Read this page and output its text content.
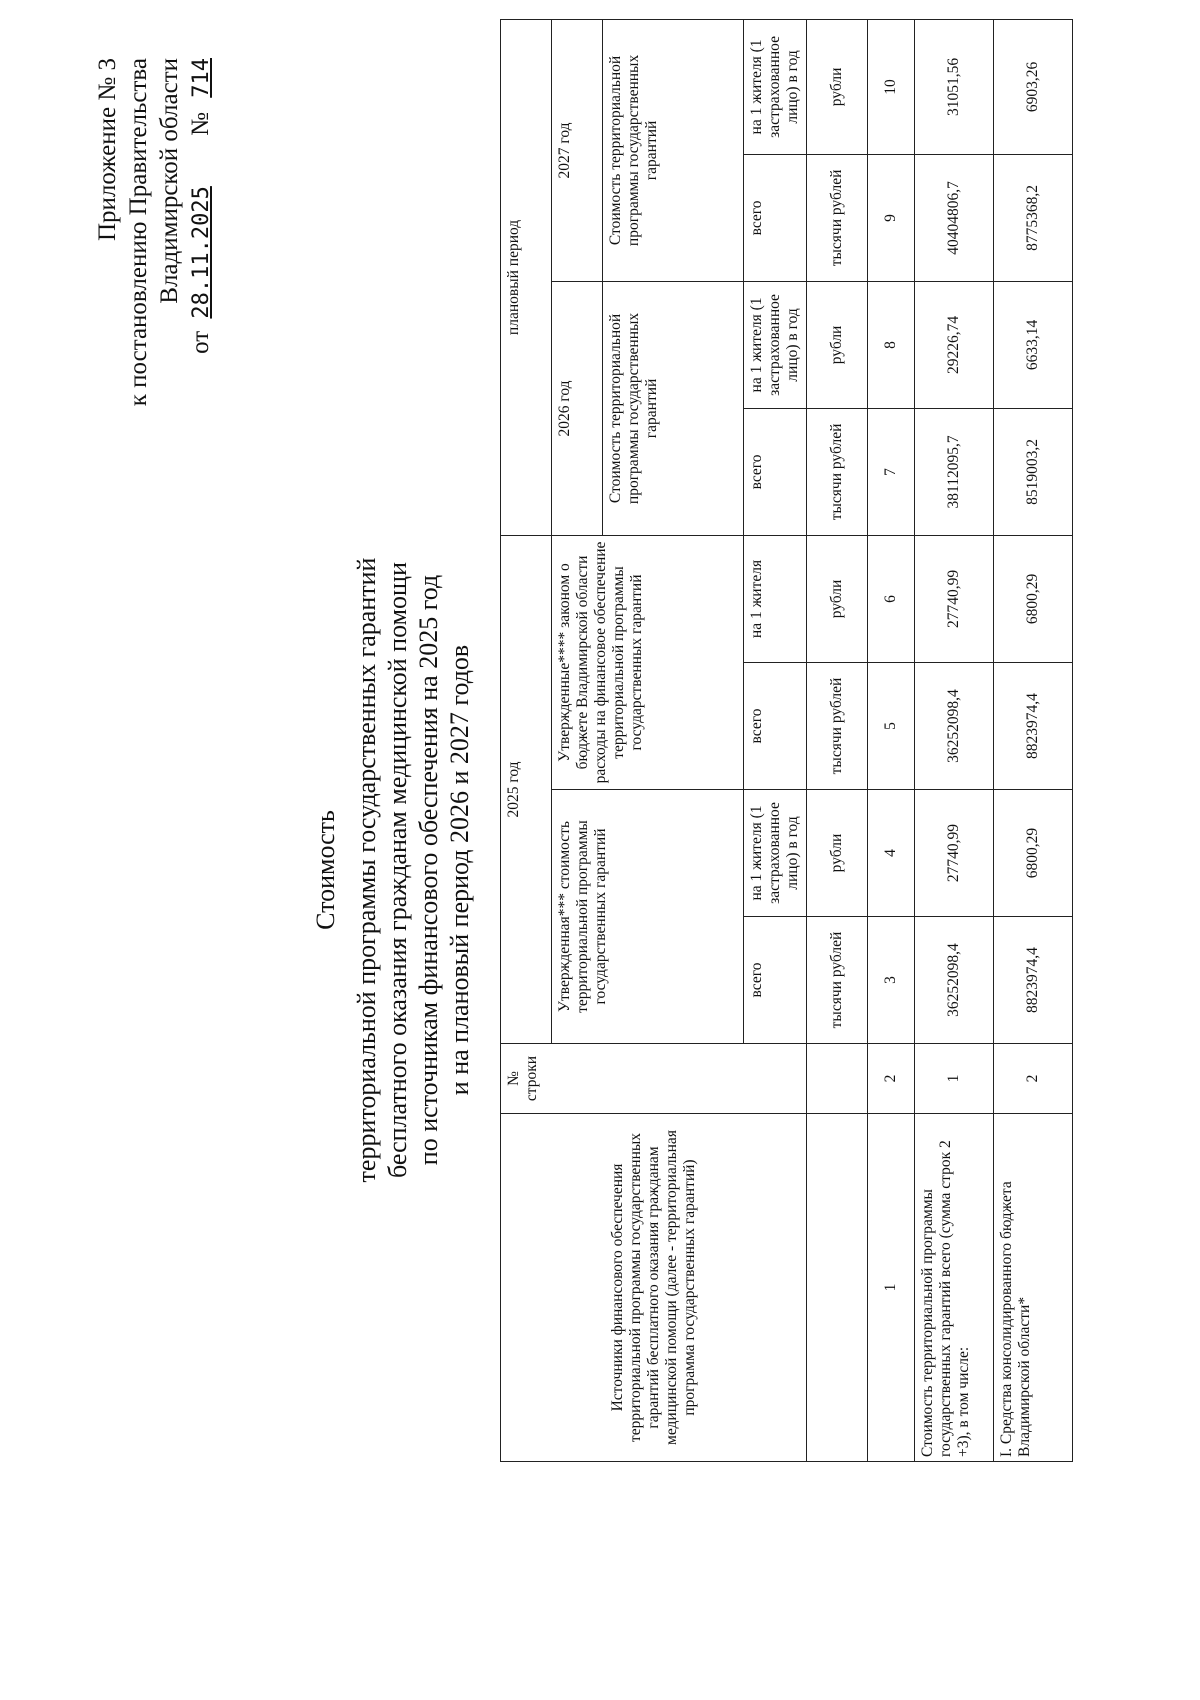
Приложение № 3 к постановлению Правительства Владимирской области
от 28.11.2025 № 714
Стоимость территориальной программы государственных гарантий бесплатного оказания гражданам медицинской помощи по источникам финансового обеспечения на 2025 год и на плановый период 2026 и 2027 годов
Источники финансового обеспечения территориальной программы государственных гарантий бесплатного оказания гражданам медицинской помощи (далее - территориальная программа государственных гарантий)	№ строки	2025 год				плановый период			
		Утвержденная*** стоимость территориальной программы государственных гарантий		Утвержденные**** законом о бюджете Владимирской области расходы на финансовое обеспечение территориальной программы государственных гарантий		2026 год		2027 год	
						Стоимость территориальной программы государственных гарантий		Стоимость территориальной программы государственных гарантий	
		всего	на 1 жителя (1 застрахованное лицо) в год	всего	на 1 жителя	всего	на 1 жителя (1 застрахованное лицо) в год	всего	на 1 жителя (1 застрахованное лицо) в год
		тысячи рублей	рубли	тысячи рублей	рубли	тысячи рублей	рубли	тысячи рублей	рубли
1	2	3	4	5	6	7	8	9	10
Стоимость территориальной программы государственных гарантий всего (сумма строк 2 +3), в том числе:	1	36252098,4	27740,99	36252098,4	27740,99	38112095,7	29226,74	40404806,7	31051,56
I. Средства консолидированного бюджета Владимирской области*	2	8823974,4	6800,29	8823974,4	6800,29	8519003,2	6633,14	8775368,2	6903,26
